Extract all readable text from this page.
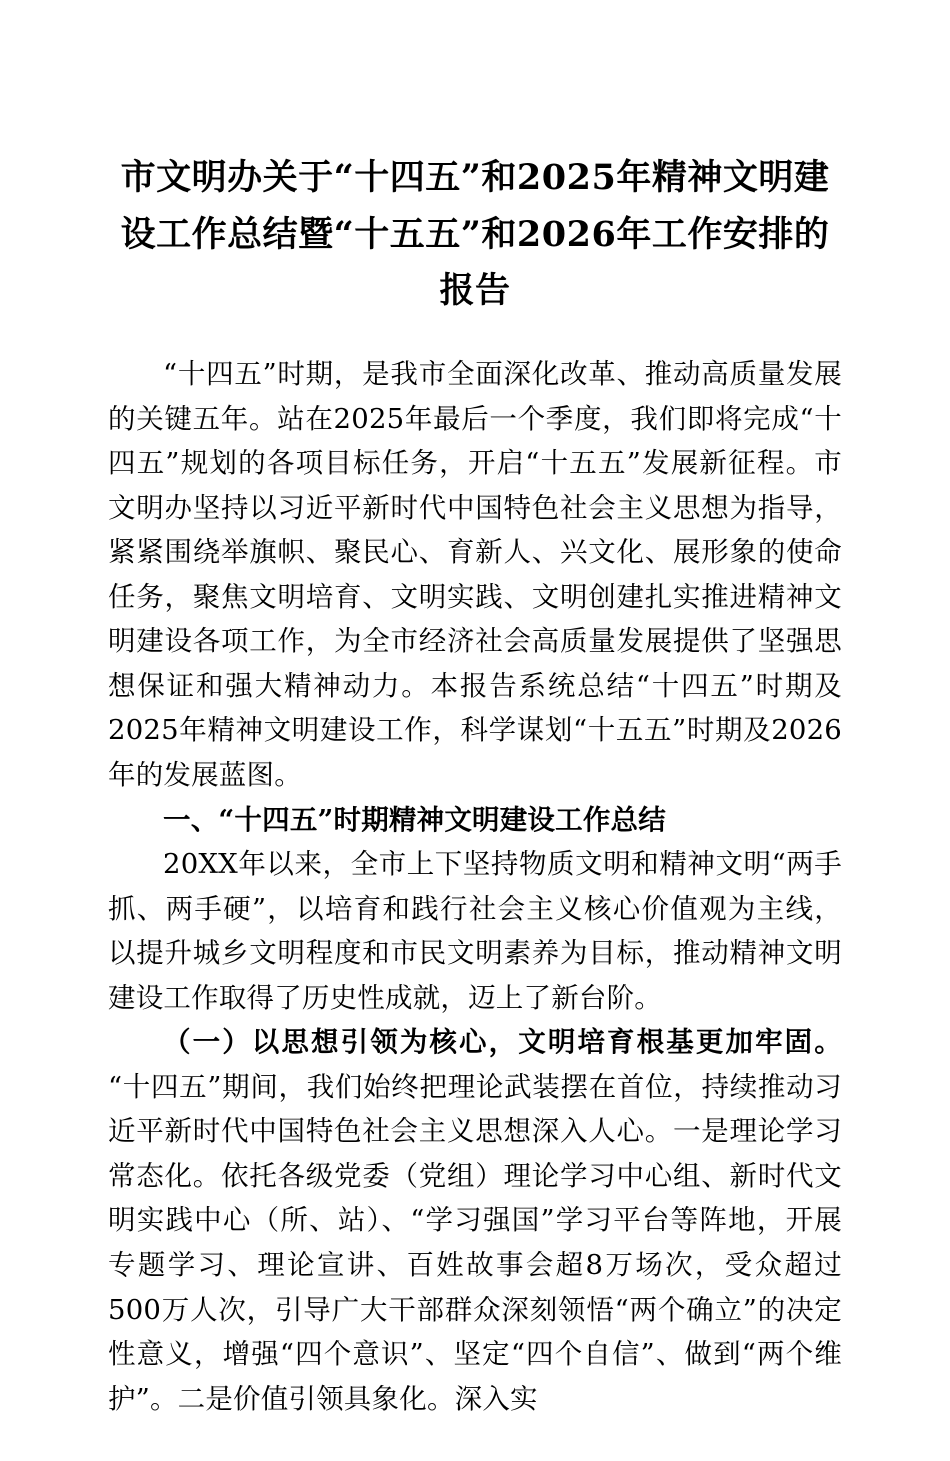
市文明办关于“十四五”和2025年精神文明建设工作总结暨“十五五”和2026年工作安排的报告

“十四五”时期，是我市全面深化改革、推动高质量发展的关键五年。站在2025年最后一个季度，我们即将完成“十四五”规划的各项目标任务，开启“十五五”发展新征程。市文明办坚持以习近平新时代中国特色社会主义思想为指导，紧紧围绕举旗帜、聚民心、育新人、兴文化、展形象的使命任务，聚焦文明培育、文明实践、文明创建扎实推进精神文明建设各项工作，为全市经济社会高质量发展提供了坚强思想保证和强大精神动力。本报告系统总结“十四五”时期及2025年精神文明建设工作，科学谋划“十五五”时期及2026年的发展蓝图。

一、“十四五”时期精神文明建设工作总结

20XX年以来，全市上下坚持物质文明和精神文明“两手抓、两手硬”，以培育和践行社会主义核心价值观为主线，以提升城乡文明程度和市民文明素养为目标，推动精神文明建设工作取得了历史性成就，迈上了新台阶。

（一）以思想引领为核心，文明培育根基更加牢固。“十四五”期间，我们始终把理论武装摆在首位，持续推动习近平新时代中国特色社会主义思想深入人心。一是理论学习常态化。依托各级党委（党组）理论学习中心组、新时代文明实践中心（所、站）、“学习强国”学习平台等阵地，开展专题学习、理论宣讲、百姓故事会超8万场次，受众超过500万人次，引导广大干部群众深刻领悟“两个确立”的决定性意义，增强“四个意识”、坚定“四个自信”、做到“两个维护”。二是价值引领具象化。深入实
